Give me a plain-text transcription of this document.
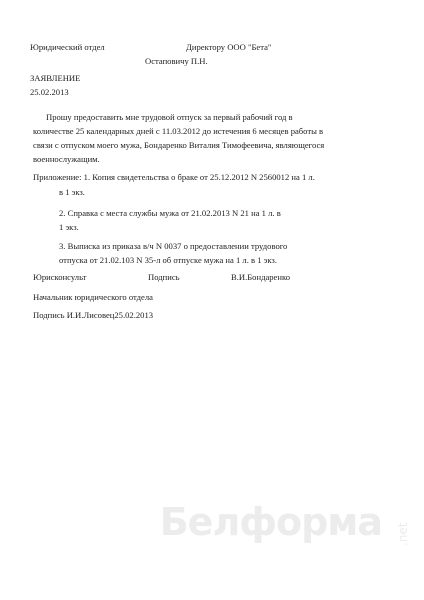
Юридический отдел	Директору ООО "Бета"
Остаповичу П.Н.
ЗАЯВЛЕНИЕ
25.02.2013
Прошу предоставить мне трудовой отпуск за первый рабочий год в
количестве 25 календарных дней с 11.03.2012 до истечения 6 месяцев работы в
связи с отпуском моего мужа, Бондаренко Виталия Тимофеевича, являющегося
военнослужащим.
Приложение: 1. Копия свидетельства о браке от 25.12.2012 N 2560012 на 1 л.
в 1 экз.
2. Справка с места службы мужа от 21.02.2013 N 21 на 1 л. в
1 экз.
3. Выписка из приказа в/ч N 0037 о предоставлении трудового
отпуска от 21.02.103 N 35-л об отпуске мужа на 1 л. в 1 экз.
Юрисконсульт	Подпись	В.И.Бондаренко
Начальник юридического отдела
Подпись И.И.Лисовец25.02.2013
Белформа .net
